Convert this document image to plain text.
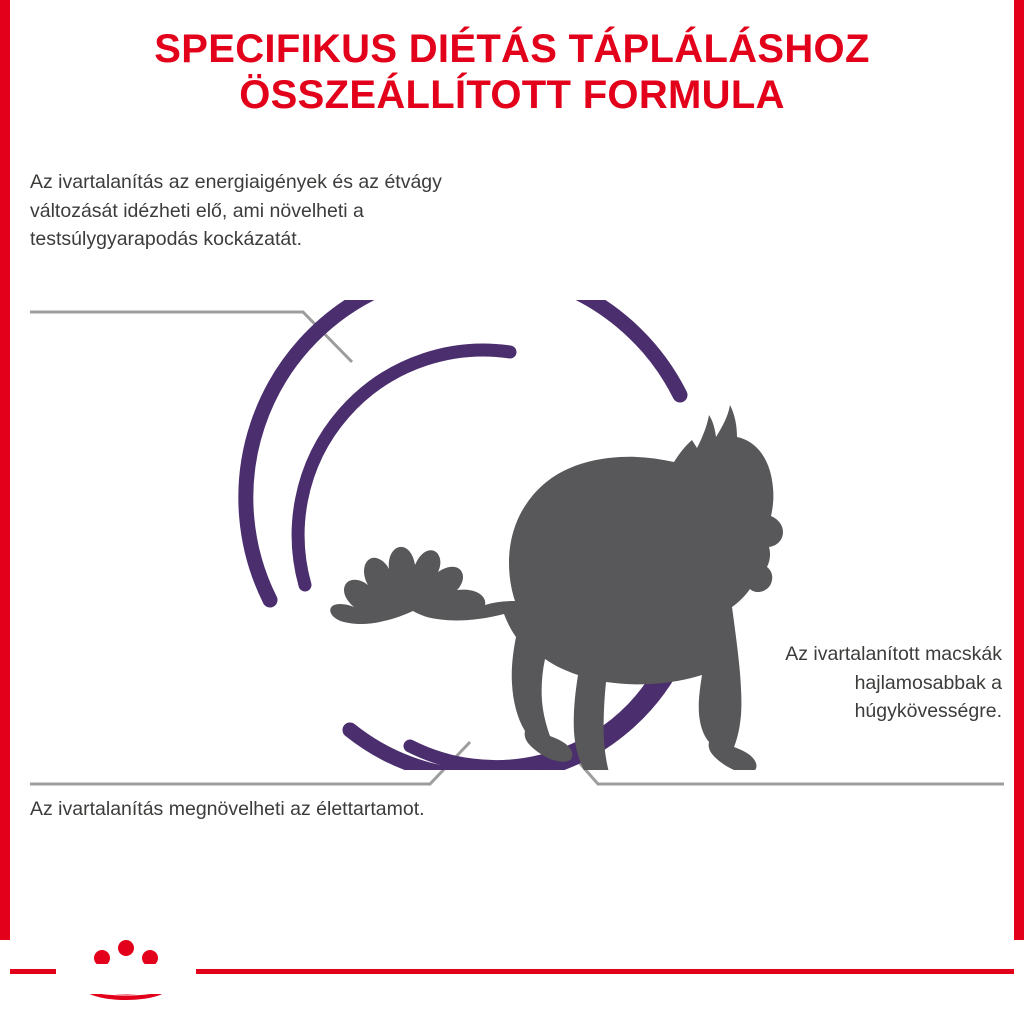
SPECIFIKUS DIÉTÁS TÁPLÁLÁSHOZ
ÖSSZEÁLLÍTOTT FORMULA
Az ivartalanítás az energiaigények és az étvágy változását idézheti elő, ami növelheti a testsúlygyarapodás kockázatát.
Az ivartalanított macskák hajlamosabbak a húgykövességre.
Az ivartalanítás megnövelheti az élettartamot.
